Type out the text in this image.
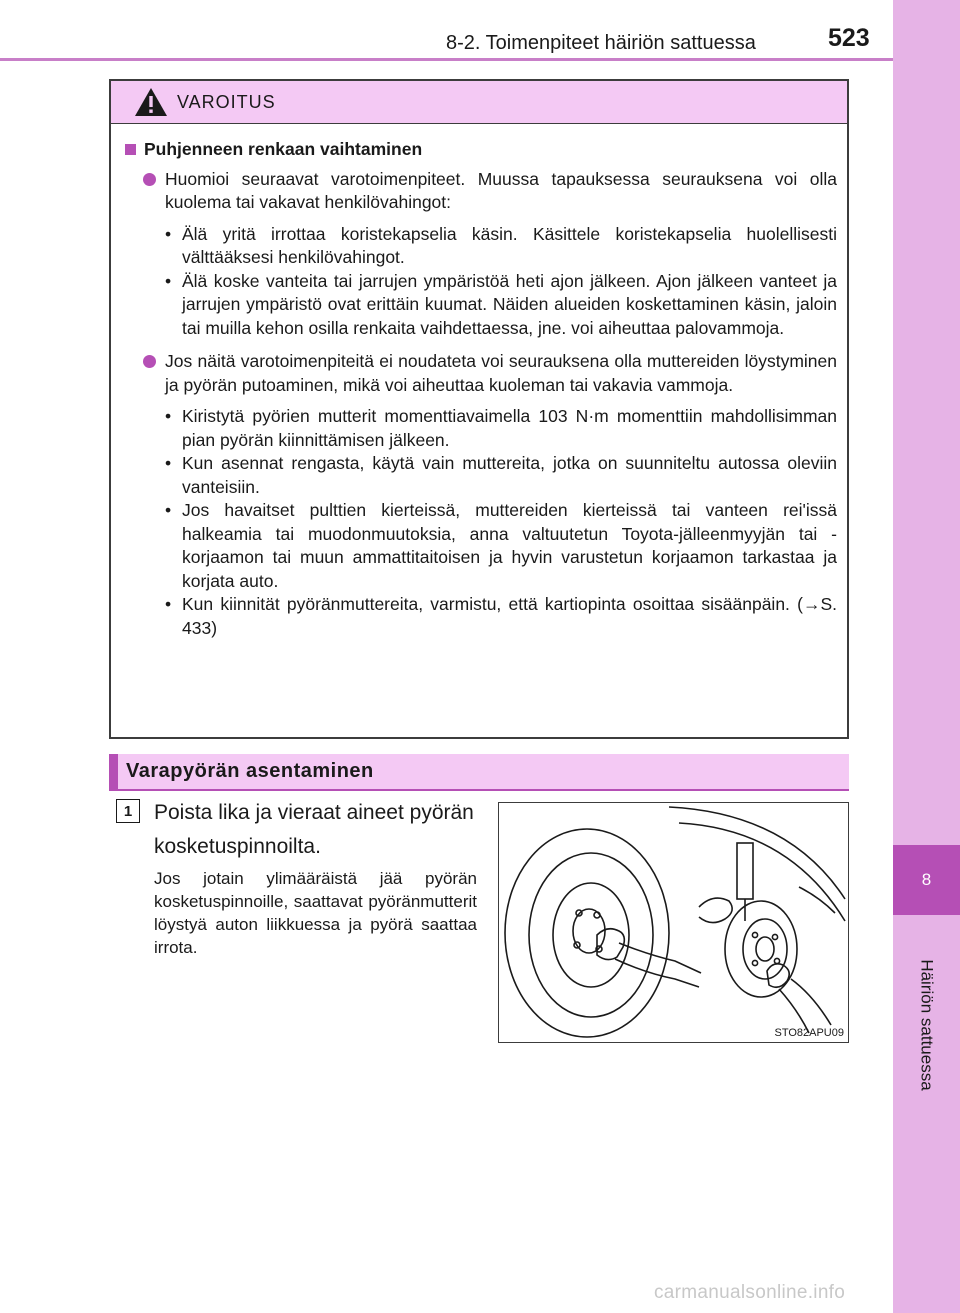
8
Häiriön sattuessa
8-2. Toimenpiteet häiriön sattuessa	523
VAROITUS
Puhjenneen renkaan vaihtaminen
Huomioi seuraavat varotoimenpiteet. Muussa tapauksessa seurauksena voi olla kuolema tai vakavat henkilövahingot:
• Älä yritä irrottaa koristekapselia käsin. Käsittele koristekapselia huolellisesti välttääksesi henkilövahingot.
• Älä koske vanteita tai jarrujen ympäristöä heti ajon jälkeen. Ajon jälkeen vanteet ja jarrujen ympäristö ovat erittäin kuumat. Näiden alueiden koskettaminen käsin, jaloin tai muilla kehon osilla renkaita vaihdettaessa, jne. voi aiheuttaa palovammoja.
Jos näitä varotoimenpiteitä ei noudateta voi seurauksena olla muttereiden löystyminen ja pyörän putoaminen, mikä voi aiheuttaa kuoleman tai vakavia vammoja.
• Kiristytä pyörien mutterit momenttiavaimella 103 N·m momenttiin mahdollisimman pian pyörän kiinnittämisen jälkeen.
• Kun asennat rengasta, käytä vain muttereita, jotka on suunniteltu autossa oleviin vanteisiin.
• Jos havaitset pulttien kierteissä, muttereiden kierteissä tai vanteen rei'issä halkeamia tai muodonmuutoksia, anna valtuutetun Toyota-jälleenmyyjän tai -korjaamon tai muun ammattitaitoisen ja hyvin varustetun korjaamon tarkastaa ja korjata auto.
• Kun kiinnität pyöränmuttereita, varmistu, että kartiopinta osoittaa sisäänpäin. (→S. 433)
Varapyörän asentaminen
1	Poista lika ja vieraat aineet pyörän kosketuspinnoilta.
Jos jotain ylimääräistä jää pyörän kosketuspinnoille, saattavat pyöränmutterit löystyä auton liikkuessa ja pyörä saattaa irrota.
STO82APU09
carmanualsonline.info
